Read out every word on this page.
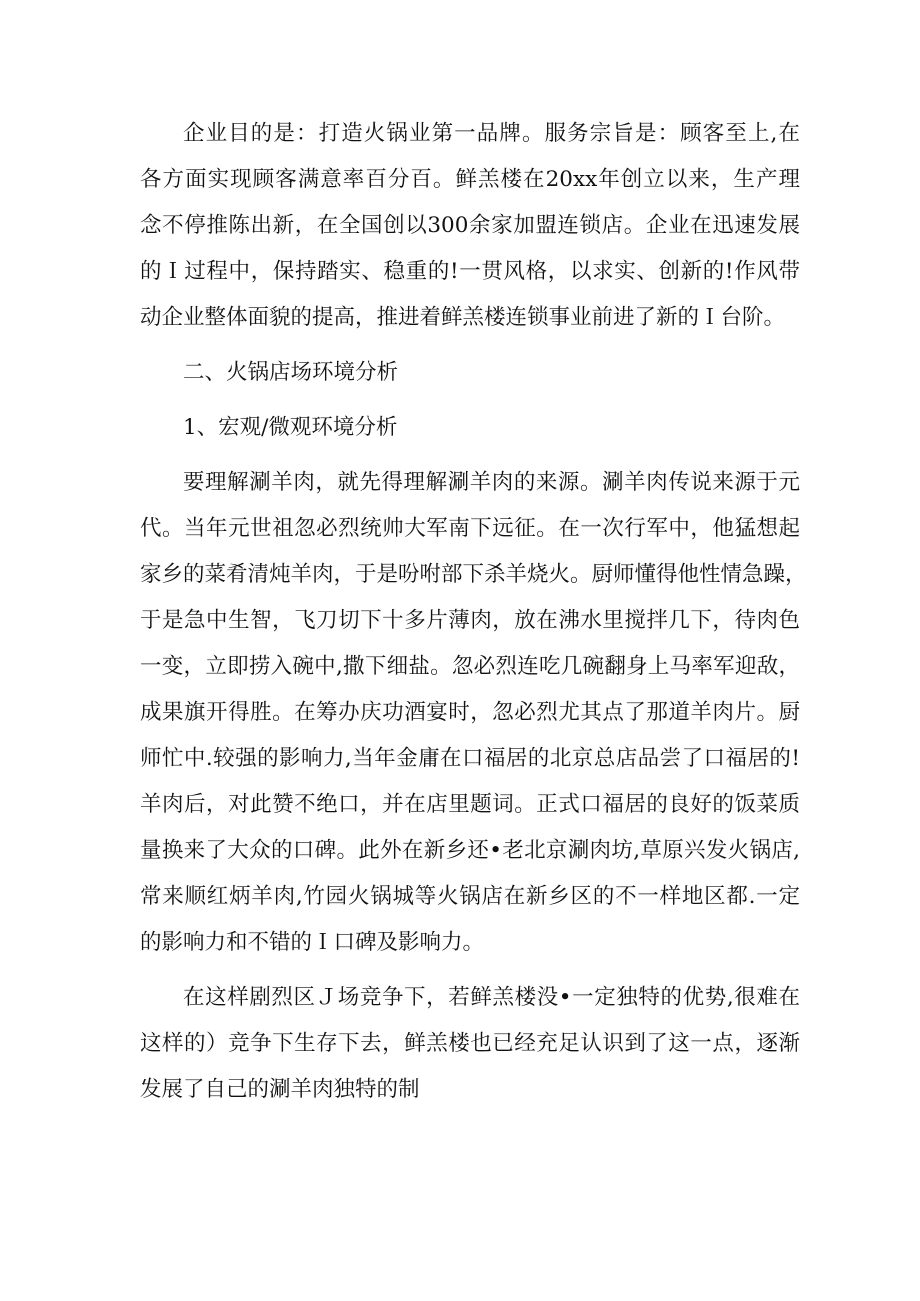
企业目的是：打造火锅业第一品牌。服务宗旨是：顾客至上,在

各方面实现顾客满意率百分百。鲜羔楼在20xx年创立以来，生产理

念不停推陈出新，在全国创以300余家加盟连锁店。企业在迅速发展

的Ｉ过程中，保持踏实、稳重的!一贯风格，以求实、创新的!作风带

动企业整体面貌的提高，推进着鲜羔楼连锁事业前进了新的Ｉ台阶。

二、火锅店场环境分析

1、宏观/微观环境分析

要理解涮羊肉，就先得理解涮羊肉的来源。涮羊肉传说来源于元

代。当年元世祖忽必烈统帅大军南下远征。在一次行军中，他猛想起

家乡的菜肴清炖羊肉，于是吩咐部下杀羊烧火。厨师懂得他性情急躁，

于是急中生智，飞刀切下十多片薄肉，放在沸水里搅拌几下，待肉色

一变，立即捞入碗中,撒下细盐。忽必烈连吃几碗翻身上马率军迎敌，

成果旗开得胜。在筹办庆功酒宴时，忽必烈尤其点了那道羊肉片。厨

师忙中.较强的影响力,当年金庸在口福居的北京总店品尝了口福居的!

羊肉后，对此赞不绝口，并在店里题词。正式口福居的良好的饭菜质

量换来了大众的口碑。此外在新乡还•老北京涮肉坊,草原兴发火锅店,

常来顺红炳羊肉,竹园火锅城等火锅店在新乡区的不一样地区都.一定

的影响力和不错的Ｉ口碑及影响力。

在这样剧烈区Ｊ场竞争下，若鲜羔楼没•一定独特的优势,很难在

这样的）竞争下生存下去，鲜羔楼也已经充足认识到了这一点，逐渐

发展了自己的涮羊肉独特的制
